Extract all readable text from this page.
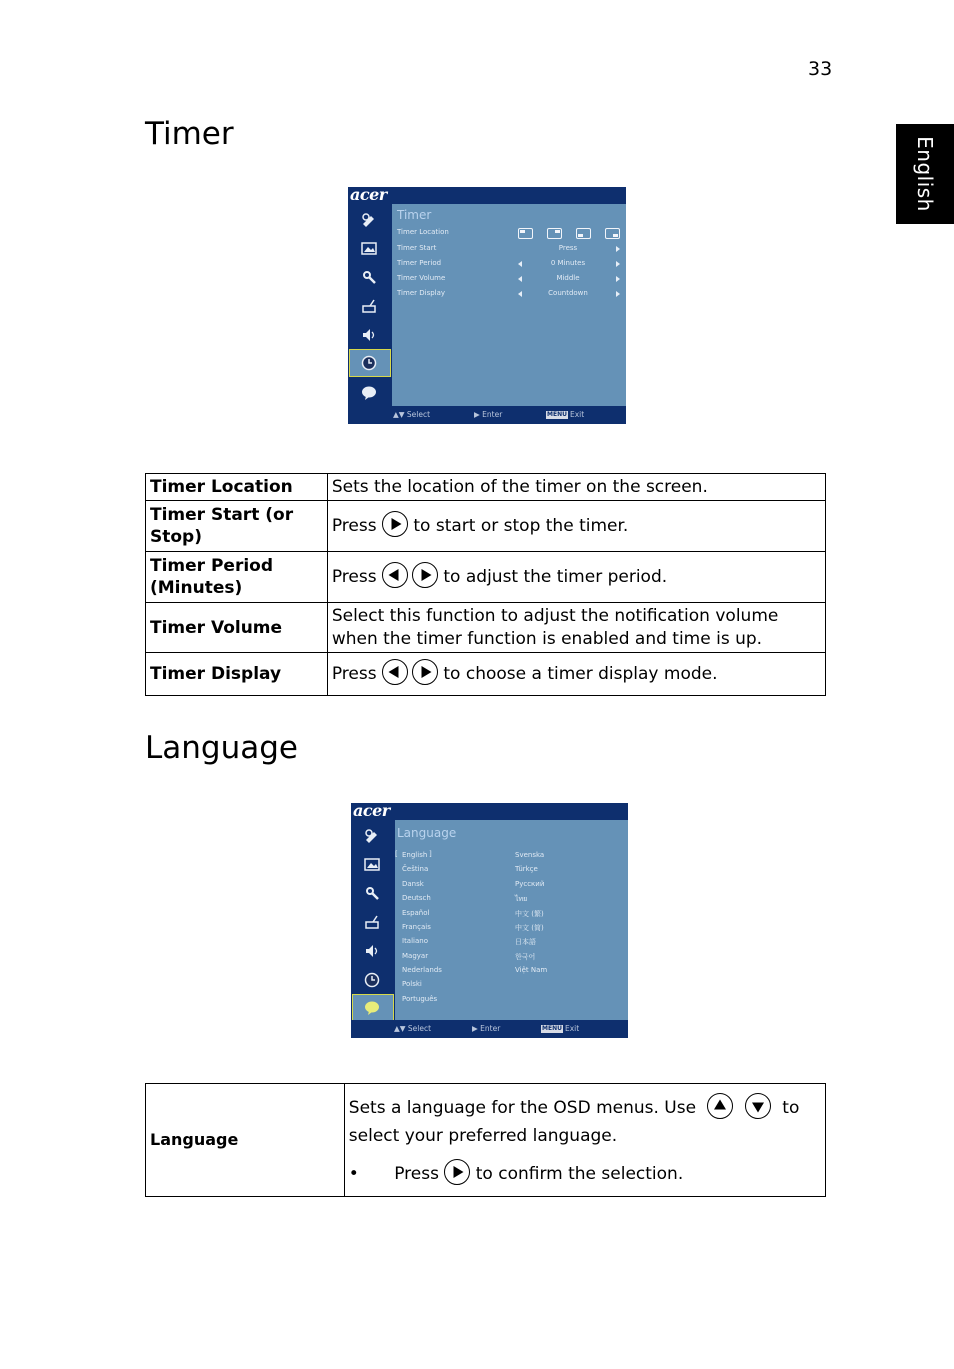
33
English
Timer
acer
Timer
Timer Location
Timer Start	Press
Timer Period	0 Minutes
Timer Volume	Middle
Timer Display	Countdown
▲▼ Select	▶ Enter	MENU Exit
Timer Location	Sets the location of the timer on the screen.
Timer Start (or Stop)	Press to start or stop the timer.
Timer Period (Minutes)	Press to adjust the timer period.
Timer Volume	Select this function to adjust the notification volume when the timer function is enabled and time is up.
Timer Display	Press to choose a timer display mode.
Language
acer
Language
[	]
English
Čeština
Dansk
Deutsch
Español
Français
Italiano
Magyar
Nederlands
Polski
Português
Svenska
Türkçe
Русский
ไทย
中文 (繁)
中文 (简)
日本語
한국어
Việt Nam
▲▼ Select	▶ Enter	MENU Exit
Language	
Sets a language for the OSD menus. Use	to
select your preferred language.
• Press to confirm the selection.
